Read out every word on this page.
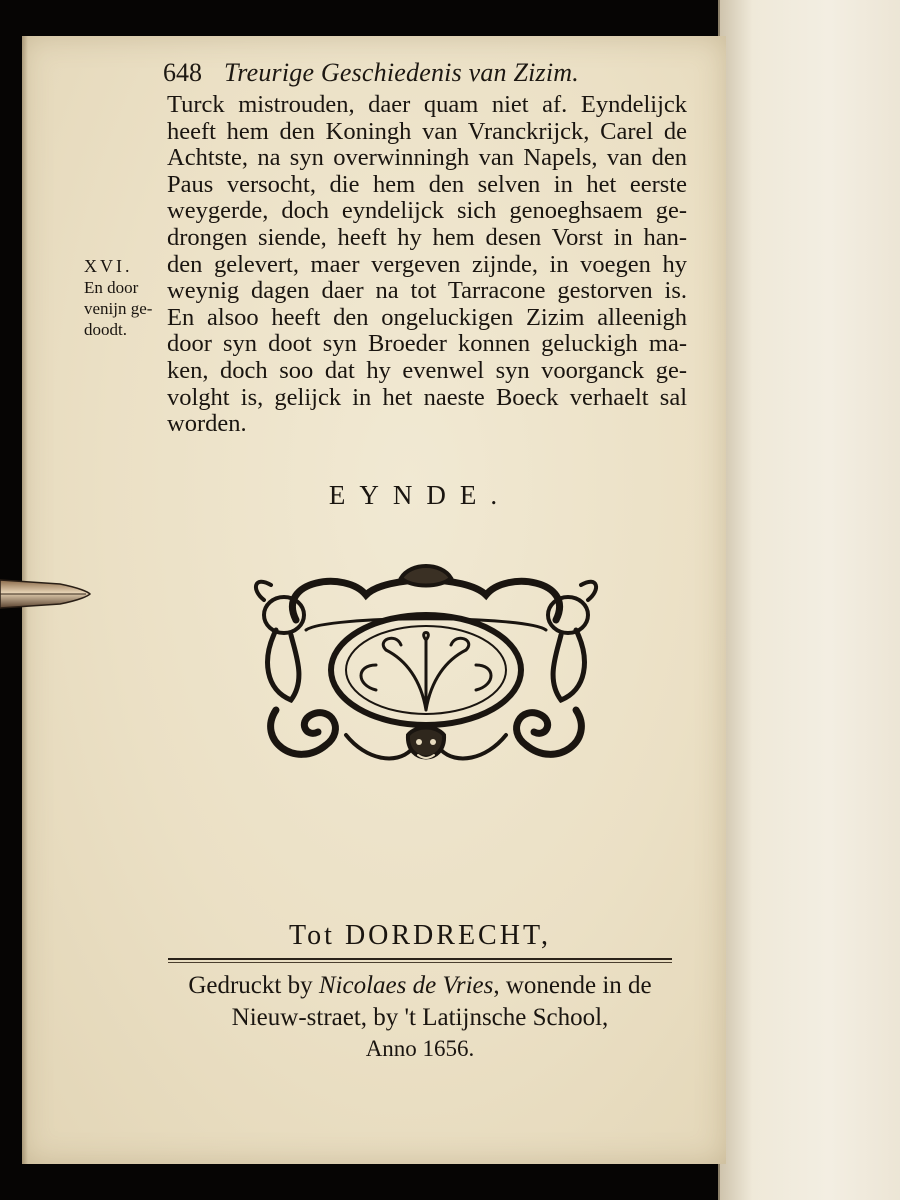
648 Treurige Geschiedenis van Zizim.
XVI.
En door
venijn ge-
doodt.
Turck mistrouden, daer quam niet af. Eyndelijck
heeft hem den Koningh van Vranckrijck, Carel de
Achtste, na syn overwinningh van Napels, van den
Paus versocht, die hem den selven in het eerste
weygerde, doch eyndelijck sich genoeghsaem ge-
drongen siende, heeft hy hem desen Vorst in han-
den gelevert, maer vergeven zijnde, in voegen hy
weynig dagen daer na tot Tarracone gestorven is.
En alsoo heeft den ongeluckigen Zizim alleenigh
door syn doot syn Broeder konnen geluckigh ma-
ken, doch soo dat hy evenwel syn voorganck ge-
volght is, gelijck in het naeste Boeck verhaelt sal
worden.
EYNDE.
Tot DORDRECHT,
Gedruckt by Nicolaes de Vries, wonende in de
Nieuw-straet, by 't Latijnsche School,
Anno 1656.
